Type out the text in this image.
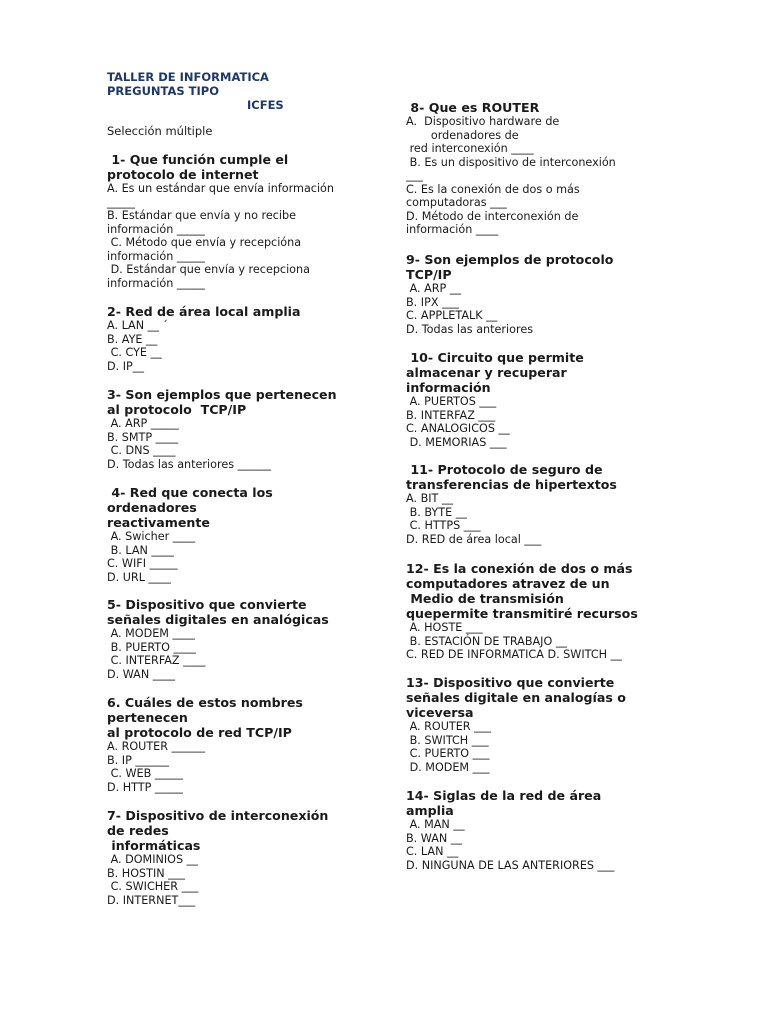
TALLER DE INFORMATICA
PREGUNTAS TIPO
ICFES
Selección múltiple
1- Que función cumple el
protocolo de internet
A. Es un estándar que envía información
_____
B. Estándar que envía y no recibe
información _____
C. Método que envía y recepcióna
información _____
D. Estándar que envía y recepciona
información _____
2- Red de área local amplia
A. LAN __ ´
B. AYE __
C. CYE __
D. IP__
3- Son ejemplos que pertenecen
al protocolo  TCP/IP
A. ARP _____
B. SMTP ____
C. DNS ____
D. Todas las anteriores ______
4- Red que conecta los
ordenadores
reactivamente
A. Swicher ____
B. LAN ____
C. WIFI _____
D. URL ____
5- Dispositivo que convierte
señales digitales en analógicas
A. MODEM ____
B. PUERTO ____
C. INTERFAZ ____
D. WAN ____
6. Cuáles de estos nombres
pertenecen
al protocolo de red TCP/IP
A. ROUTER ______
B. IP ______
C. WEB _____
D. HTTP _____
7- Dispositivo de interconexión
de redes
informáticas
A. DOMINIOS __
B. HOSTIN ___
C. SWICHER ___
D. INTERNET___
8- Que es ROUTER
A.  Dispositivo hardware de
ordenadores de
red interconexión ____
B. Es un dispositivo de interconexión
___
C. Es la conexión de dos o más
computadoras ___
D. Método de interconexión de
información ____
9- Son ejemplos de protocolo
TCP/IP
A. ARP __
B. IPX ___
C. APPLETALK __
D. Todas las anteriores
10- Circuito que permite
almacenar y recuperar
información
A. PUERTOS ___
B. INTERFAZ ___
C. ANALOGICOS __
D. MEMORIAS ___
11- Protocolo de seguro de
transferencias de hipertextos
A. BIT __
B. BYTE __
C. HTTPS ___
D. RED de área local ___
12- Es la conexión de dos o más
computadores atravez de un
Medio de transmisión
quepermite transmitiré recursos
A. HOSTE ___
B. ESTACIÓN DE TRABAJO __
C. RED DE INFORMATICA D. SWITCH __
13- Dispositivo que convierte
señales digitale en analogías o
viceversa
A. ROUTER ___
B. SWITCH ___
C. PUERTO ___
D. MODEM ___
14- Siglas de la red de área
amplia
A. MAN __
B. WAN __
C. LAN __
D. NINGUNA DE LAS ANTERIORES ___
